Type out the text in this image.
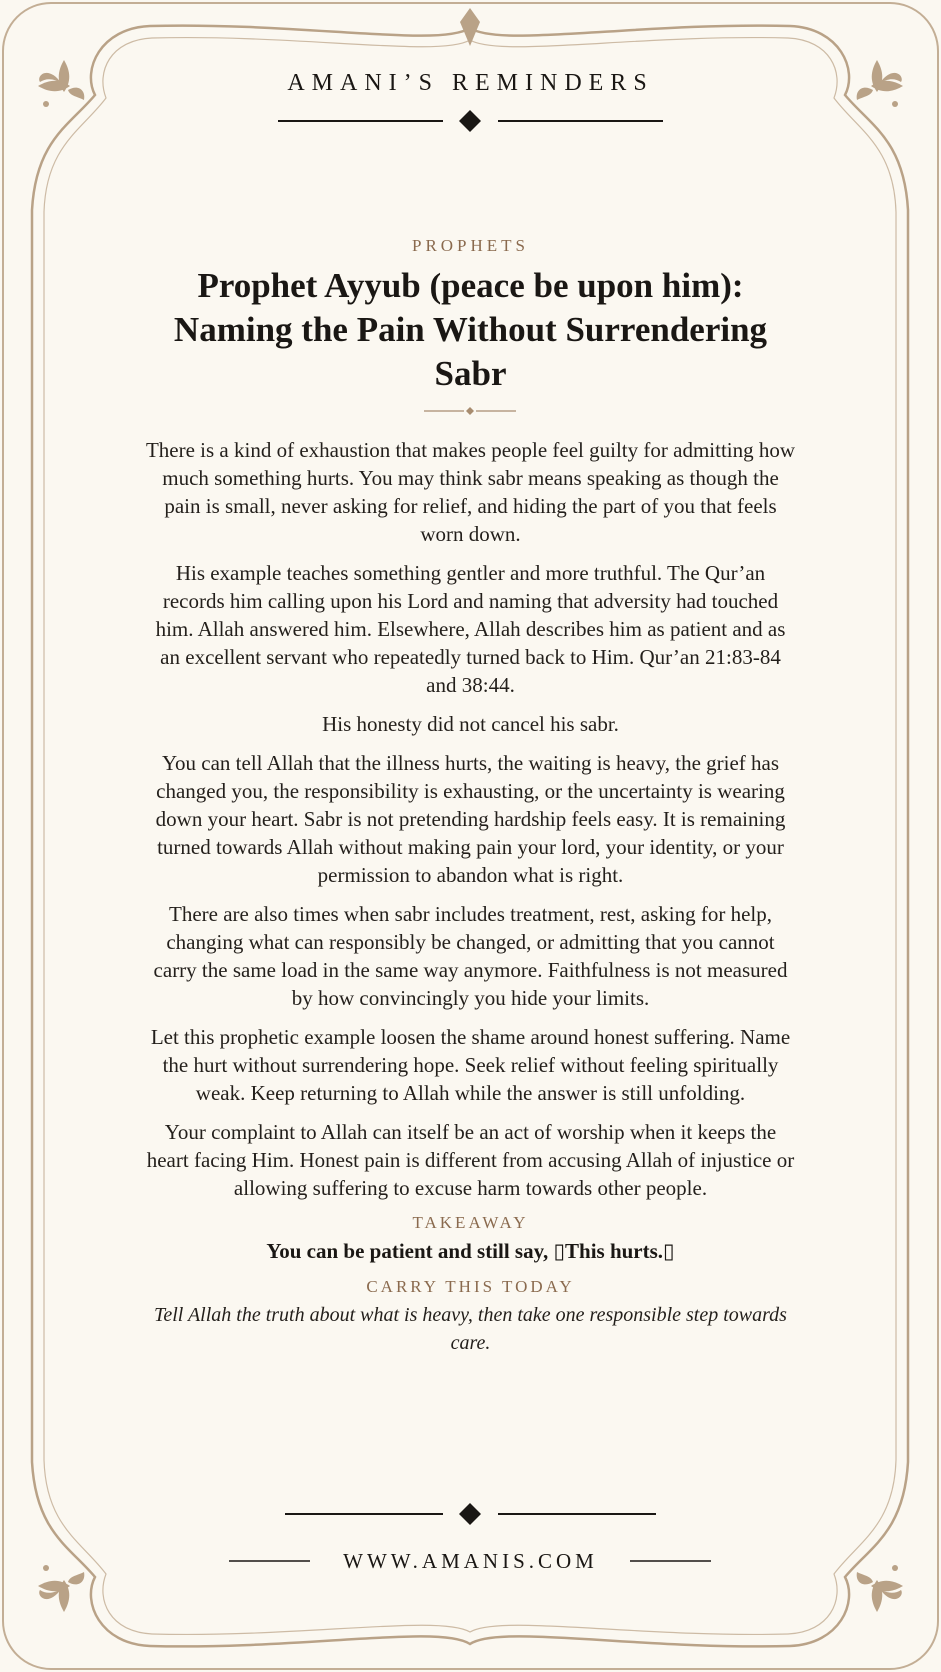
AMANI’S REMINDERS
PROPHETS
Prophet Ayyub (peace be upon him): Naming the Pain Without Surrendering Sabr

There is a kind of exhaustion that makes people feel guilty for admitting how much something hurts. You may think sabr means speaking as though the pain is small, never asking for relief, and hiding the part of you that feels worn down.

His example teaches something gentler and more truthful. The Qur’an records him calling upon his Lord and naming that adversity had touched him. Allah answered him. Elsewhere, Allah describes him as patient and as an excellent servant who repeatedly turned back to Him. Qur’an 21:83-84 and 38:44.

His honesty did not cancel his sabr.

You can tell Allah that the illness hurts, the waiting is heavy, the grief has changed you, the responsibility is exhausting, or the uncertainty is wearing down your heart. Sabr is not pretending hardship feels easy. It is remaining turned towards Allah without making pain your lord, your identity, or your permission to abandon what is right.

There are also times when sabr includes treatment, rest, asking for help, changing what can responsibly be changed, or admitting that you cannot carry the same load in the same way anymore. Faithfulness is not measured by how convincingly you hide your limits.

Let this prophetic example loosen the shame around honest suffering. Name the hurt without surrendering hope. Seek relief without feeling spiritually weak. Keep returning to Allah while the answer is still unfolding.

Your complaint to Allah can itself be an act of worship when it keeps the heart facing Him. Honest pain is different from accusing Allah of injustice or allowing suffering to excuse harm towards other people.

TAKEAWAY
You can be patient and still say, ▯This hurts.▯
CARRY THIS TODAY
Tell Allah the truth about what is heavy, then take one responsible step towards care.
WWW.AMANIS.COM
